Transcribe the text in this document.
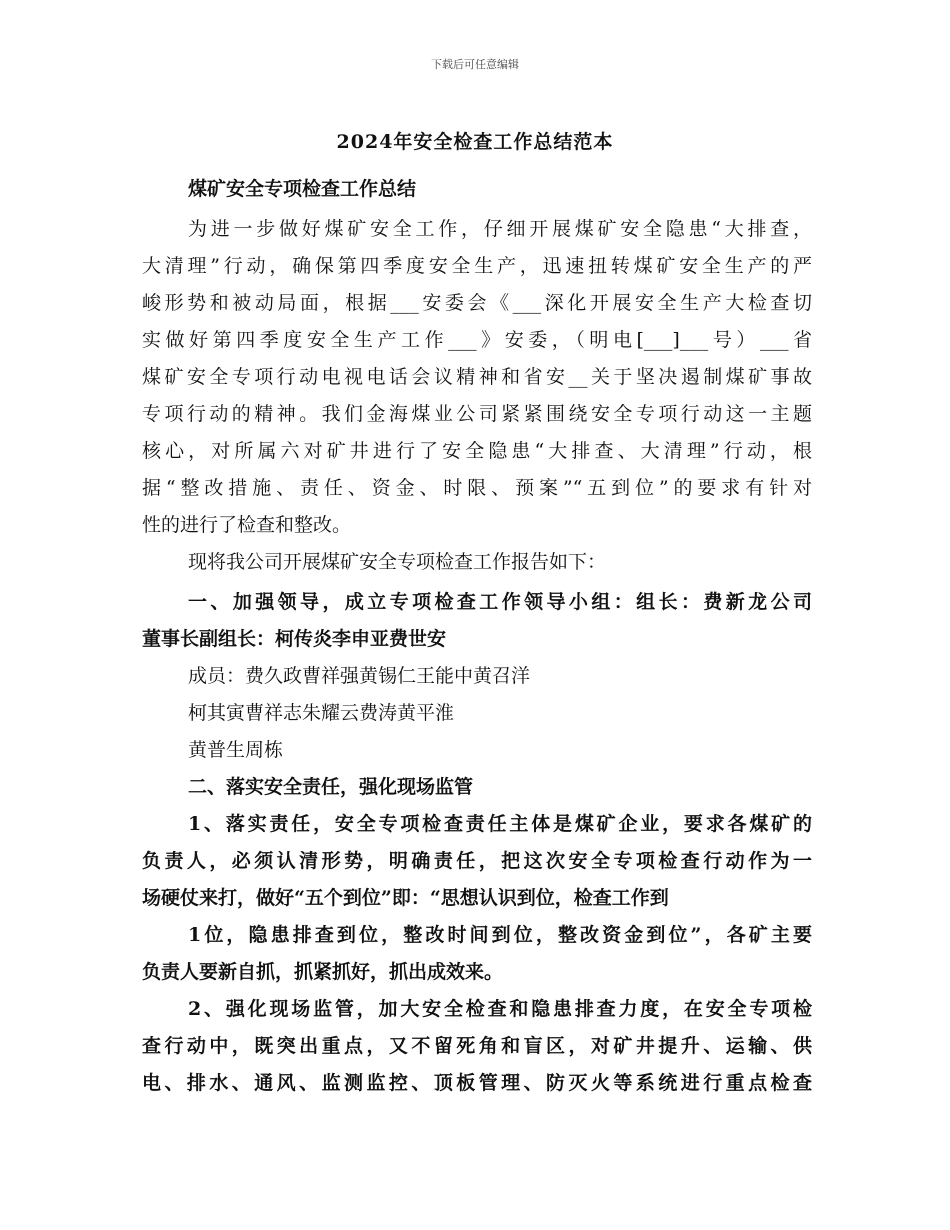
下载后可任意编辑
2024年安全检查工作总结范本
煤矿安全专项检查工作总结
为进一步做好煤矿安全工作，仔细开展煤矿安全隐患“大排查，
大清理”行动，确保第四季度安全生产，迅速扭转煤矿安全生产的严
峻形势和被动局面，根据___安委会《___深化开展安全生产大检查切
实做好第四季度安全生产工作___》安委，（明电[___]___号）___省
煤矿安全专项行动电视电话会议精神和省安__关于坚决遏制煤矿事故
专项行动的精神。我们金海煤业公司紧紧围绕安全专项行动这一主题
核心，对所属六对矿井进行了安全隐患“大排查、大清理”行动，根
据“整改措施、责任、资金、时限、预案”“五到位”的要求有针对
性的进行了检查和整改。
现将我公司开展煤矿安全专项检查工作报告如下：
一、加强领导，成立专项检查工作领导小组：组长：费新龙公司
董事长副组长：柯传炎李申亚费世安
成员：费久政曹祥强黄锡仁王能中黄召洋
柯其寅曹祥志朱耀云费涛黄平淮
黄普生周栋
二、落实安全责任，强化现场监管
1、落实责任，安全专项检查责任主体是煤矿企业，要求各煤矿的
负责人，必须认清形势，明确责任，把这次安全专项检查行动作为一
场硬仗来打，做好“五个到位”即：“思想认识到位，检查工作到
1位，隐患排查到位，整改时间到位，整改资金到位”，各矿主要
负责人要新自抓，抓紧抓好，抓出成效来。
2、强化现场监管，加大安全检查和隐患排查力度，在安全专项检
查行动中，既突出重点，又不留死角和盲区，对矿井提升、运输、供
电、排水、通风、监测监控、顶板管理、防灭火等系统进行重点检查
